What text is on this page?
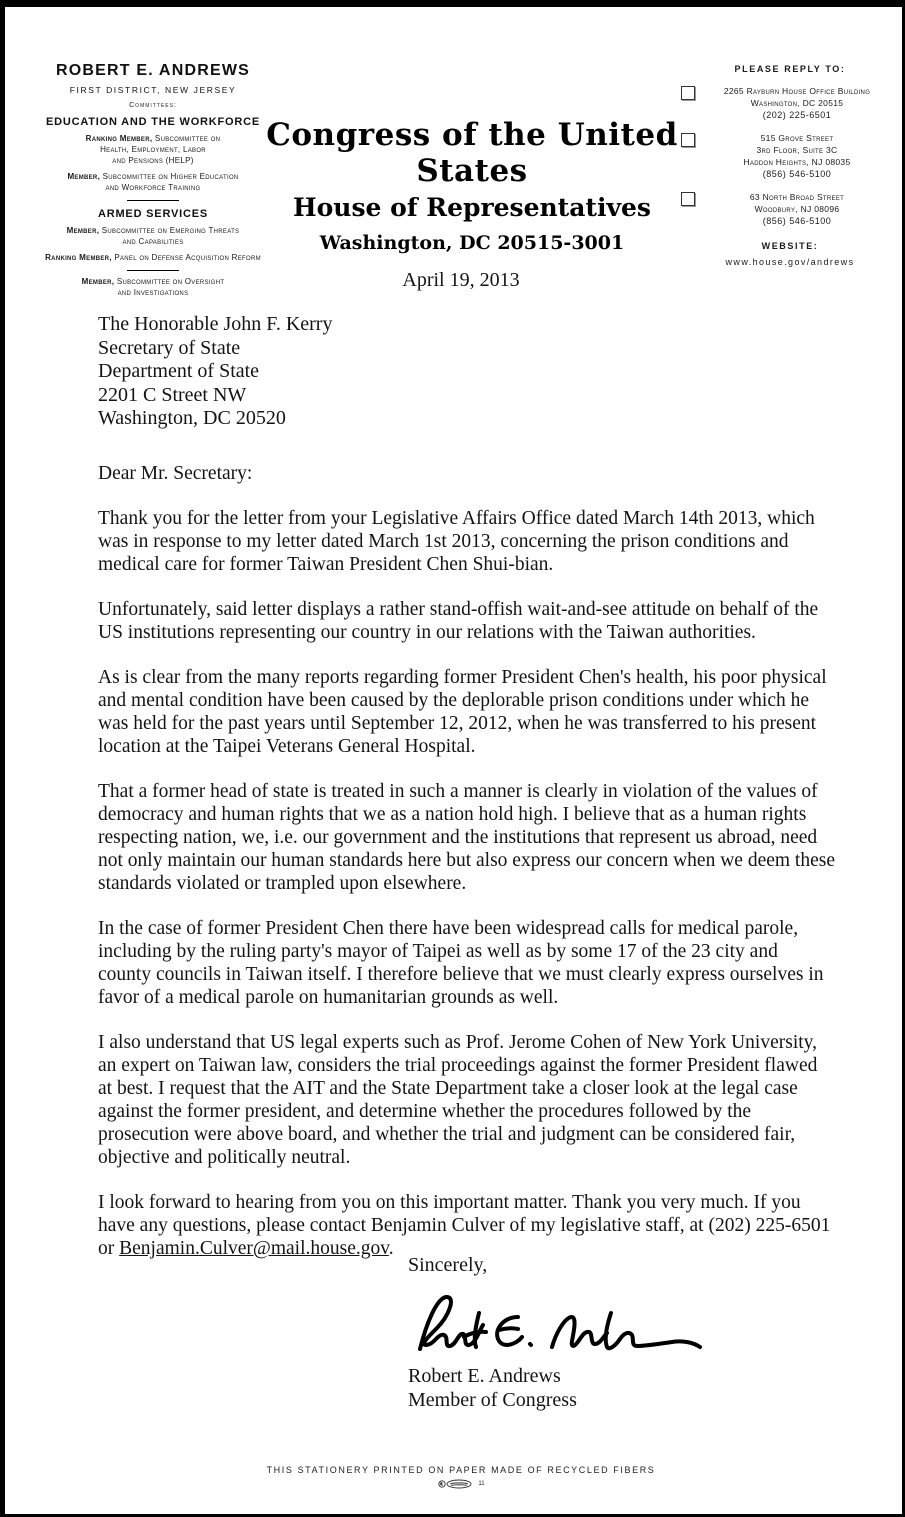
ROBERT E. ANDREWS
FIRST DISTRICT, NEW JERSEY
Committees:
EDUCATION AND THE WORKFORCE
Ranking Member, Subcommittee on
Health, Employment, Labor
and Pensions (HELP)
Member, Subcommittee on Higher Education
and Workforce Training
ARMED SERVICES
Member, Subcommittee on Emerging Threats
and Capabilities
Ranking Member, Panel on Defense Acquisition Reform
Member, Subcommittee on Oversight
and Investigations
Congress of the United States
House of Representatives
Washington, DC 20515-3001
PLEASE REPLY TO:
2265 Rayburn House Office Building
Washington, DC 20515
(202) 225-6501
515 Grove Street
3rd Floor, Suite 3C
Haddon Heights, NJ 08035
(856) 546-5100
63 North Broad Street
Woodbury, NJ 08096
(856) 546-5100
WEBSITE:
www.house.gov/andrews
April 19, 2013
The Honorable John F. Kerry
Secretary of State
Department of State
2201 C Street NW
Washington, DC 20520

Dear Mr. Secretary:

Thank you for the letter from your Legislative Affairs Office dated March 14th 2013, which was in response to my letter dated March 1st 2013, concerning the prison conditions and medical care for former Taiwan President Chen Shui-bian.

Unfortunately, said letter displays a rather stand-offish wait-and-see attitude on behalf of the US institutions representing our country in our relations with the Taiwan authorities.

As is clear from the many reports regarding former President Chen's health, his poor physical and mental condition have been caused by the deplorable prison conditions under which he was held for the past years until September 12, 2012, when he was transferred to his present location at the Taipei Veterans General Hospital.

That a former head of state is treated in such a manner is clearly in violation of the values of democracy and human rights that we as a nation hold high. I believe that as a human rights respecting nation, we, i.e. our government and the institutions that represent us abroad, need not only maintain our human standards here but also express our concern when we deem these standards violated or trampled upon elsewhere.

In the case of former President Chen there have been widespread calls for medical parole, including by the ruling party's mayor of Taipei as well as by some 17 of the 23 city and county councils in Taiwan itself. I therefore believe that we must clearly express ourselves in favor of a medical parole on humanitarian grounds as well.

I also understand that US legal experts such as Prof. Jerome Cohen of New York University, an expert on Taiwan law, considers the trial proceedings against the former President flawed at best. I request that the AIT and the State Department take a closer look at the legal case against the former president, and determine whether the procedures followed by the prosecution were above board, and whether the trial and judgment can be considered fair, objective and politically neutral.

I look forward to hearing from you on this important matter. Thank you very much. If you have any questions, please contact Benjamin Culver of my legislative staff, at (202) 225-6501 or Benjamin.Culver@mail.house.gov.

Sincerely,
Robert E. Andrews
Member of Congress
THIS STATIONERY PRINTED ON PAPER MADE OF RECYCLED FIBERS
11
